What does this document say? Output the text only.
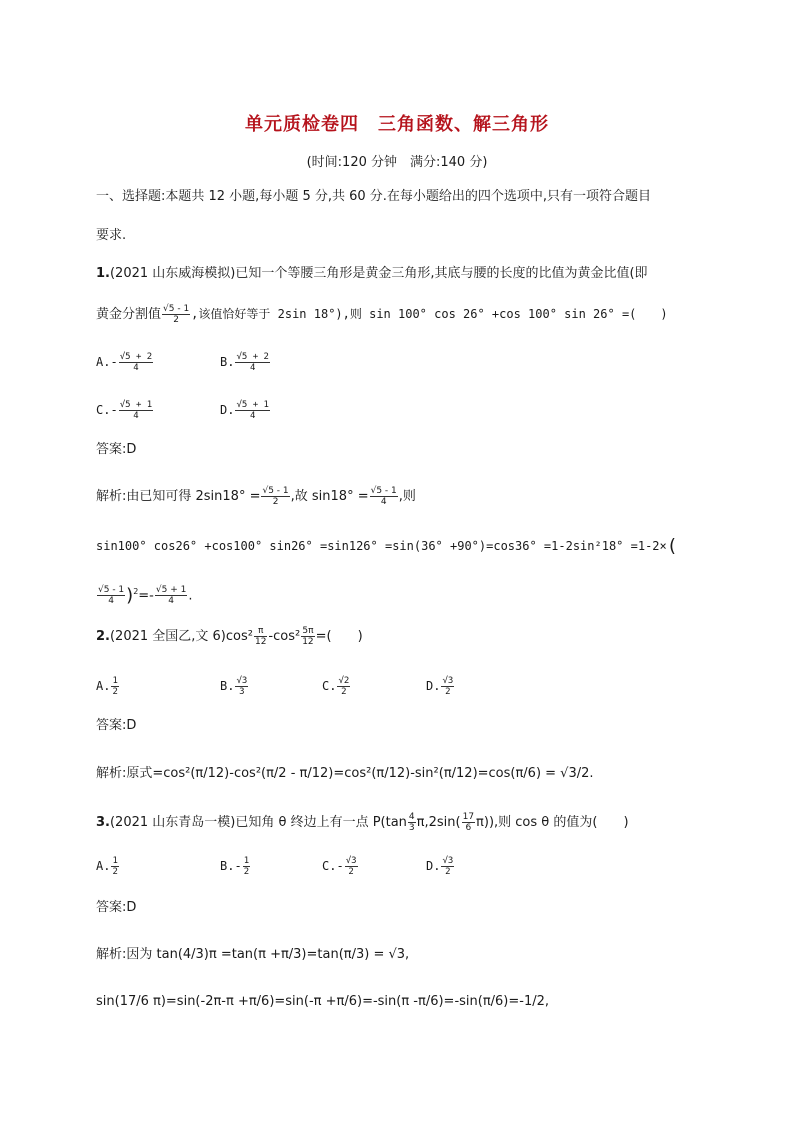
单元质检卷四　三角函数、解三角形
(时间:120 分钟　满分:140 分)
一、选择题:本题共 12 小题,每小题 5 分,共 60 分.在每小题给出的四个选项中,只有一项符合题目
要求.
1.(2021 山东威海模拟)已知一个等腰三角形是黄金三角形,其底与腰的长度的比值为黄金比值(即
黄金分割值 $\frac{√5 - 1}{2}$ ,该值恰好等于 2sin 18°),则 sin 100° cos 26° +cos 100° sin 26° =(　　)
$A.- \frac{√5 + 2}{4}$	B. $\frac{√5 + 2}{4}$
$C.- \frac{√5 + 1}{4}$	D. $\frac{√5 + 1}{4}$
答案:D
解析:由已知可得 $2\sin 18^\circ = \frac{√5 - 1}{2}$ ,故 $\sin 18^\circ = \frac{√5 - 1}{4}$ ,则
sin100° cos26° +cos100° sin26° =sin126° =sin(36° +90°)=cos36° =1-2sin²18° =1-2×(
$\frac{√5 - 1}{4} )^2=- \frac{√5 + 1}{4}$ .
2.(2021 全国乙,文 $6)\cos^2 \frac{\pi}{12} -\cos^2 \frac{5\pi}{12}$ =(　　)
A. $\frac{1}{2}$	B. $\frac{√3}{3}$	C. $\frac{√2}{2}$	D. $\frac{√3}{2}$
答案:D
解析:原式=cos²(π/12)-cos²(π/2 - π/12)=cos²(π/12)-sin²(π/12)=cos(π/6) = √3/2.
3.(2021 山东青岛一模)已知角 θ 终边上有一点 $P(\tan \frac{4}{3} \pi,2\sin( \frac{17}{6} \pi))$,则 cos θ 的值为(　　)
A. $\frac{1}{2}$	$B.- \frac{1}{2}$	$C.- \frac{√3}{2}$	D. $\frac{√3}{2}$
答案:D
解析:因为 tan(4/3)π =tan(π +π/3)=tan(π/3) = √3,
sin(17/6 π)=sin(-2π-π +π/6)=sin(-π +π/6)=-sin(π -π/6)=-sin(π/6)=-1/2,
